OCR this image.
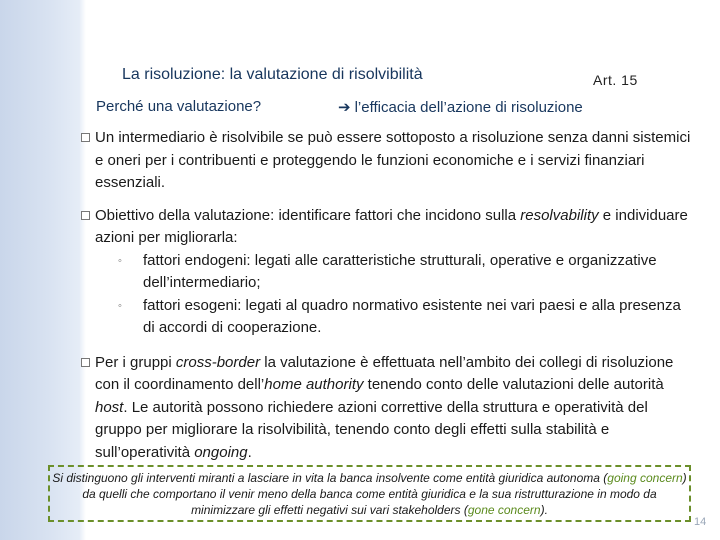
La risoluzione: la valutazione di risolvibilità	Art. 15
Perché una valutazione?	➔ l’efficacia dell’azione di risoluzione
Un intermediario è risolvibile se può essere sottoposto a risoluzione senza danni sistemici e oneri per i contribuenti e proteggendo le funzioni economiche e i servizi finanziari essenziali.
Obiettivo della valutazione: identificare fattori che incidono sulla resolvability e individuare azioni per migliorarla:
◦ fattori endogeni: legati alle caratteristiche strutturali, operative e organizzative dell’intermediario;
◦ fattori esogeni: legati al quadro normativo esistente nei vari paesi e alla presenza di accordi di cooperazione.
Per i gruppi cross-border la valutazione è effettuata nell’ambito dei collegi di risoluzione con il coordinamento dell’home authority tenendo conto delle valutazioni delle autorità host. Le autorità possono richiedere azioni correttive della struttura e operatività del gruppo per migliorare la risolvibilità, tenendo conto degli effetti sulla stabilità e sull’operatività ongoing.
Si distinguono gli interventi miranti a lasciare in vita la banca insolvente come entità giuridica autonoma (going concern) da quelli che comportano il venir meno della banca come entità giuridica e la sua ristrutturazione in modo da minimizzare gli effetti negativi sui vari stakeholders (gone concern).
14
